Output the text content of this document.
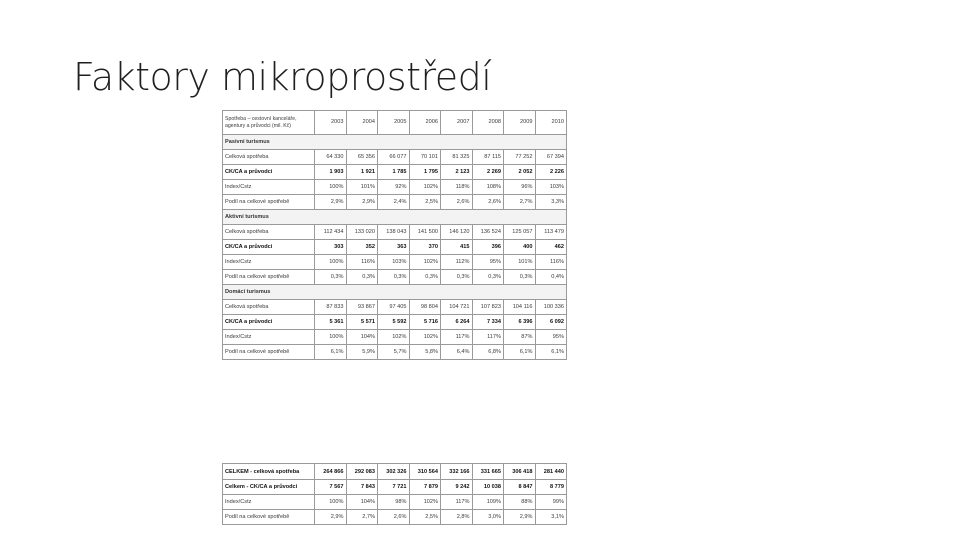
Faktory mikroprostředí
Spotřeba – cestovní kanceláře, agentury a průvodci (mil. Kč)	2003	2004	2005	2006	2007	2008	2009	2010
Pasivní turismus								
Celková spotřeba	64 330	65 356	66 077	70 101	81 325	87 115	77 252	67 394
CK/CA a průvodci	1 903	1 921	1 785	1 795	2 123	2 269	2 052	2 226
Index/Cstz	100%	101%	92%	102%	118%	108%	96%	103%
Podíl na celkové spotřebě	2,9%	2,9%	2,4%	2,5%	2,6%	2,6%	2,7%	3,3%
Aktivní turismus								
Celková spotřeba	112 434	133 020	138 043	141 500	146 120	136 524	125 057	113 479
CK/CA a průvodci	303	352	363	370	415	396	400	462
Index/Cstz	100%	116%	103%	102%	112%	95%	101%	116%
Podíl na celkové spotřebě	0,3%	0,3%	0,3%	0,3%	0,3%	0,3%	0,3%	0,4%
Domácí turismus								
Celková spotřeba	87 833	93 867	97 405	98 804	104 721	107 823	104 116	100 336
CK/CA a průvodci	5 361	5 571	5 592	5 716	6 264	7 334	6 396	6 092
Index/Cstz	100%	104%	102%	102%	117%	117%	87%	95%
Podíl na celkové spotřebě	6,1%	5,9%	5,7%	5,8%	6,4%	6,8%	6,1%	6,1%
CELKEM - celková spotřeba	264 866	292 083	302 326	310 564	332 166	331 665	306 418	281 440
Celkem - CK/CA a průvodci	7 567	7 843	7 721	7 879	9 242	10 038	8 847	8 779
Index/Cstz	100%	104%	98%	102%	117%	109%	88%	99%
Podíl na celkové spotřebě	2,9%	2,7%	2,6%	2,5%	2,8%	3,0%	2,9%	3,1%
